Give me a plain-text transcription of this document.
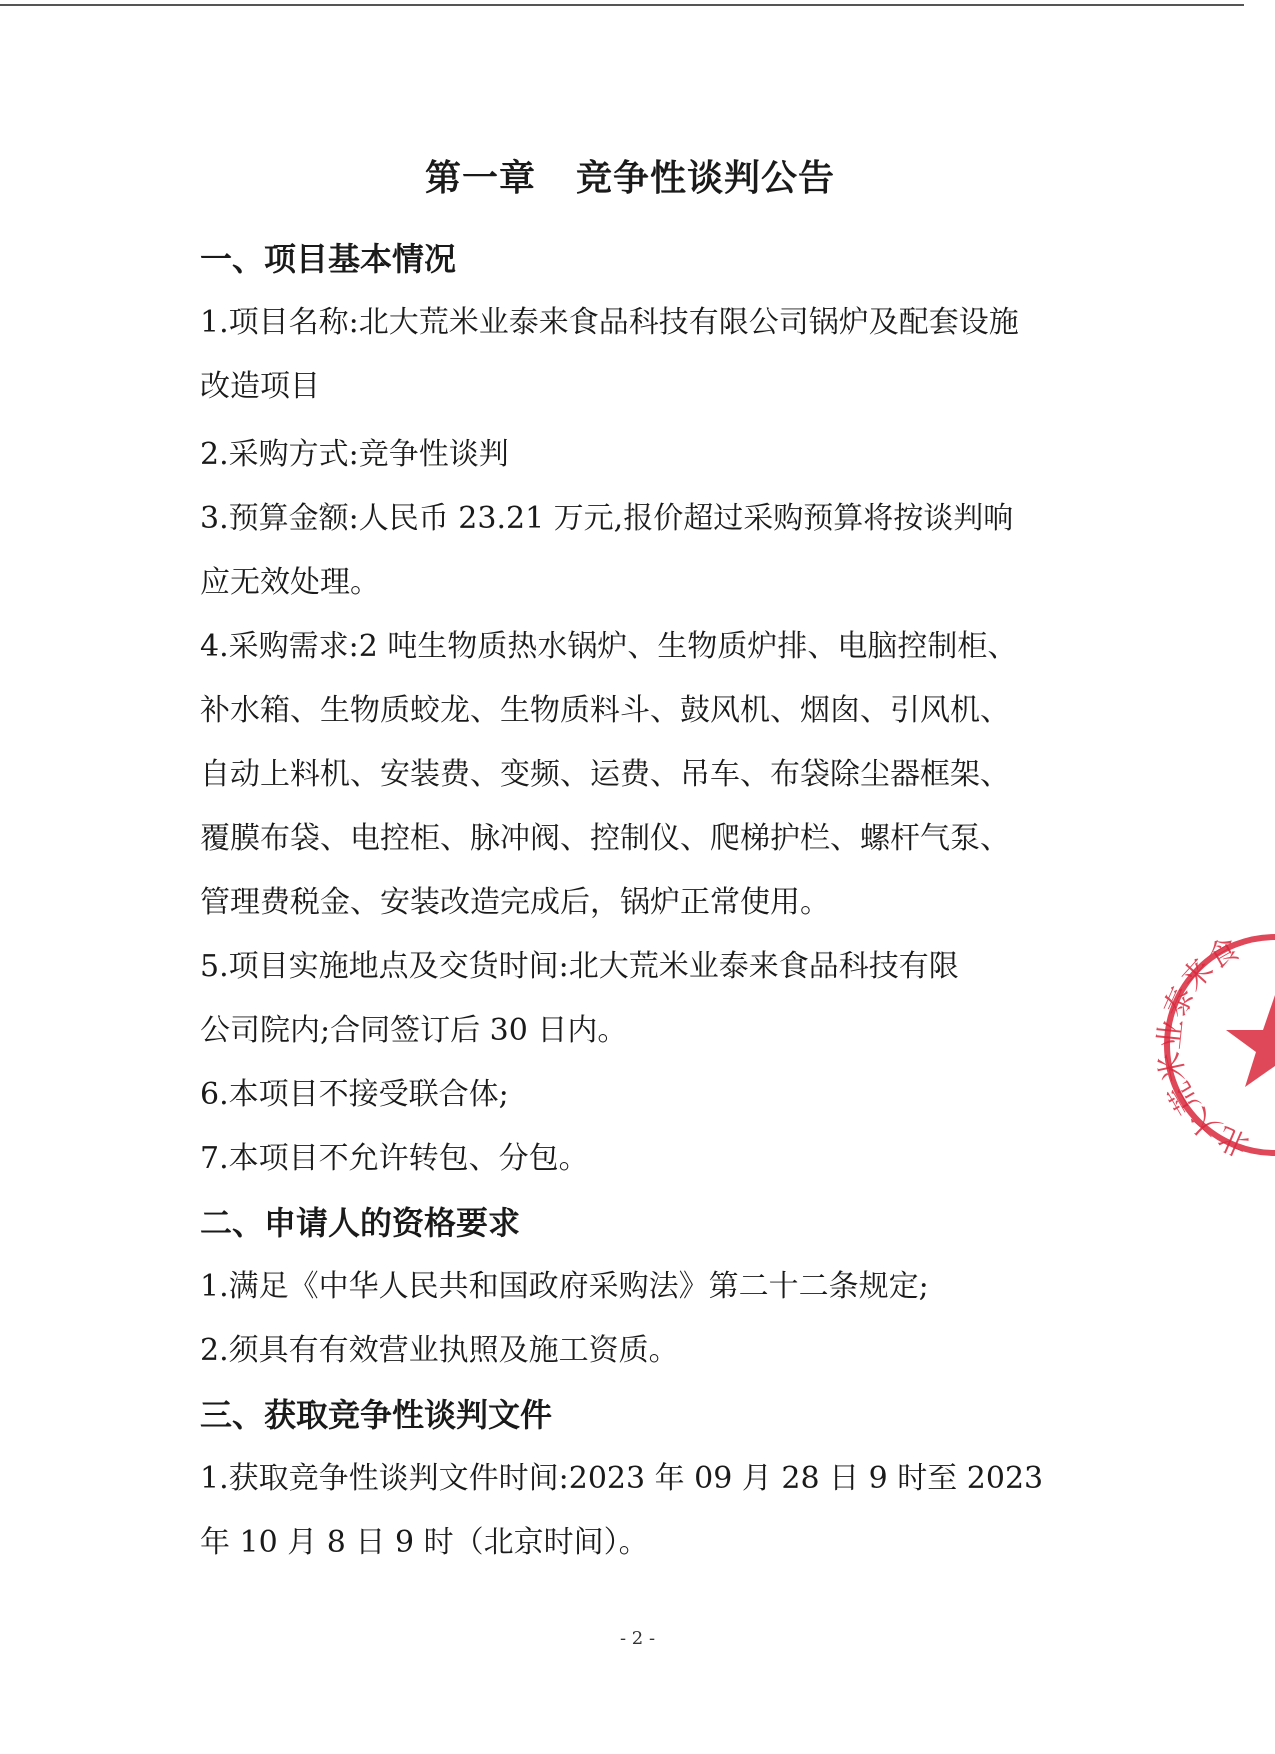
第一章 竞争性谈判公告
一、项目基本情况
1.项目名称:北大荒米业泰来食品科技有限公司锅炉及配套设施
改造项目
2.采购方式:竞争性谈判
3.预算金额:人民币 23.21 万元,报价超过采购预算将按谈判响
应无效处理。
4.采购需求:2 吨生物质热水锅炉、生物质炉排、电脑控制柜、
补水箱、生物质蛟龙、生物质料斗、鼓风机、烟囱、引风机、
自动上料机、安装费、变频、运费、吊车、布袋除尘器框架、
覆膜布袋、电控柜、脉冲阀、控制仪、爬梯护栏、螺杆气泵、
管理费税金、安装改造完成后，锅炉正常使用。
5.项目实施地点及交货时间:北大荒米业泰来食品科技有限
公司院内;合同签订后 30 日内。
6.本项目不接受联合体;
7.本项目不允许转包、分包。
二、申请人的资格要求
1.满足《中华人民共和国政府采购法》第二十二条规定;
2.须具有有效营业执照及施工资质。
三、获取竞争性谈判文件
1.获取竞争性谈判文件时间:2023 年 09 月 28 日 9 时至 2023
年 10 月 8 日 9 时（北京时间）。
北大荒米业泰来食
- 2 -
